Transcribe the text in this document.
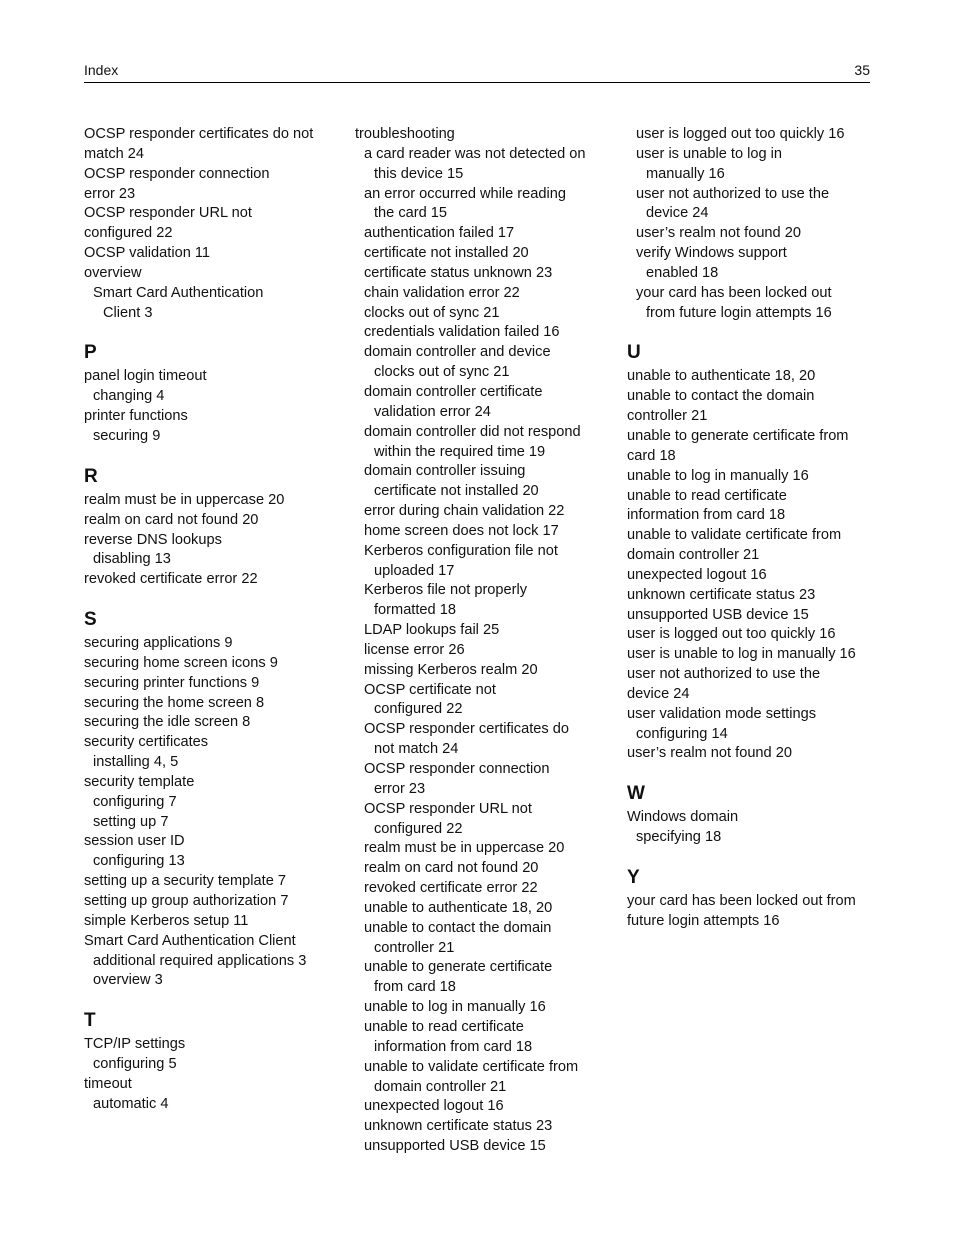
Index	35
OCSP responder certificates do not
match 24
OCSP responder connection
error 23
OCSP responder URL not
configured 22
OCSP validation 11
overview
Smart Card Authentication
Client 3
P
panel login timeout
changing 4
printer functions
securing 9
R
realm must be in uppercase 20
realm on card not found 20
reverse DNS lookups
disabling 13
revoked certificate error 22
S
securing applications 9
securing home screen icons 9
securing printer functions 9
securing the home screen 8
securing the idle screen 8
security certificates
installing 4, 5
security template
configuring 7
setting up 7
session user ID
configuring 13
setting up a security template 7
setting up group authorization 7
simple Kerberos setup 11
Smart Card Authentication Client
additional required applications 3
overview 3
T
TCP/IP settings
configuring 5
timeout
automatic 4
troubleshooting
a card reader was not detected on
this device 15
an error occurred while reading
the card 15
authentication failed 17
certificate not installed 20
certificate status unknown 23
chain validation error 22
clocks out of sync 21
credentials validation failed 16
domain controller and device
clocks out of sync 21
domain controller certificate
validation error 24
domain controller did not respond
within the required time 19
domain controller issuing
certificate not installed 20
error during chain validation 22
home screen does not lock 17
Kerberos configuration file not
uploaded 17
Kerberos file not properly
formatted 18
LDAP lookups fail 25
license error 26
missing Kerberos realm 20
OCSP certificate not
configured 22
OCSP responder certificates do
not match 24
OCSP responder connection
error 23
OCSP responder URL not
configured 22
realm must be in uppercase 20
realm on card not found 20
revoked certificate error 22
unable to authenticate 18, 20
unable to contact the domain
controller 21
unable to generate certificate
from card 18
unable to log in manually 16
unable to read certificate
information from card 18
unable to validate certificate from
domain controller 21
unexpected logout 16
unknown certificate status 23
unsupported USB device 15
user is logged out too quickly 16
user is unable to log in
manually 16
user not authorized to use the
device 24
user’s realm not found 20
verify Windows support
enabled 18
your card has been locked out
from future login attempts 16
U
unable to authenticate 18, 20
unable to contact the domain
controller 21
unable to generate certificate from
card 18
unable to log in manually 16
unable to read certificate
information from card 18
unable to validate certificate from
domain controller 21
unexpected logout 16
unknown certificate status 23
unsupported USB device 15
user is logged out too quickly 16
user is unable to log in manually 16
user not authorized to use the
device 24
user validation mode settings
configuring 14
user’s realm not found 20
W
Windows domain
specifying 18
Y
your card has been locked out from
future login attempts 16
